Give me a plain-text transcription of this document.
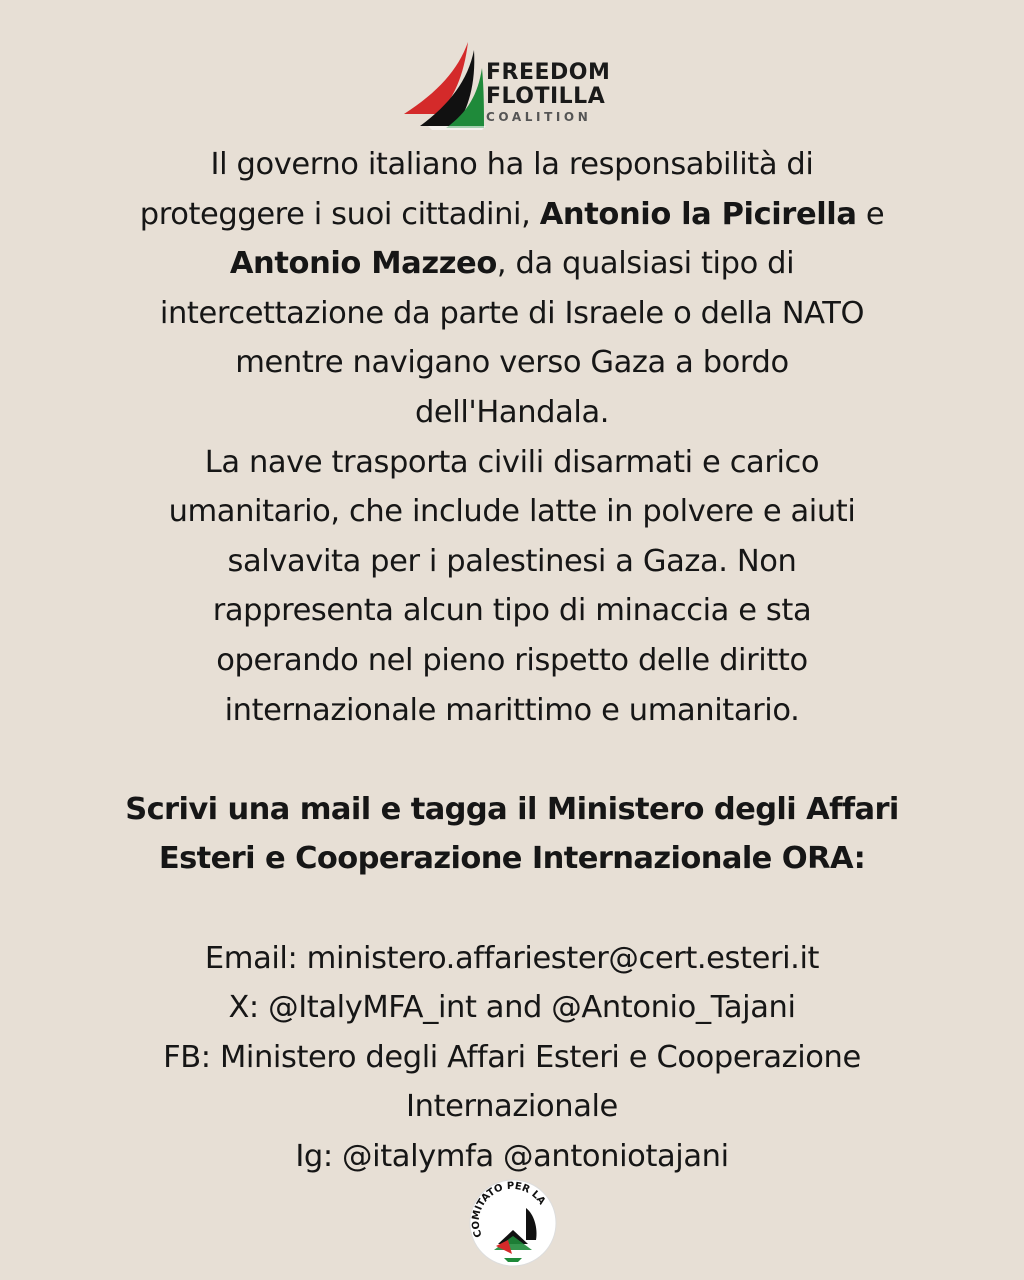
FREEDOM
FLOTILLA
COALITION

Il governo italiano ha la responsabilità di

proteggere i suoi cittadini, Antonio la Picirella e

Antonio Mazzeo, da qualsiasi tipo di

intercettazione da parte di Israele o della NATO

mentre navigano verso Gaza a bordo

dell'Handala.

La nave trasporta civili disarmati e carico

umanitario, che include latte in polvere e aiuti

salvavita per i palestinesi a Gaza. Non

rappresenta alcun tipo di minaccia e sta

operando nel pieno rispetto delle diritto

internazionale marittimo e umanitario.

Scrivi una mail e tagga il Ministero degli Affari

Esteri e Cooperazione Internazionale ORA:

Email: ministero.affariester@cert.esteri.it

X: @ItalyMFA_int and @Antonio_Tajani

FB: Ministero degli Affari Esteri e Cooperazione

Internazionale

Ig: @italymfa @antoniotajani

COMITATO PER LA
